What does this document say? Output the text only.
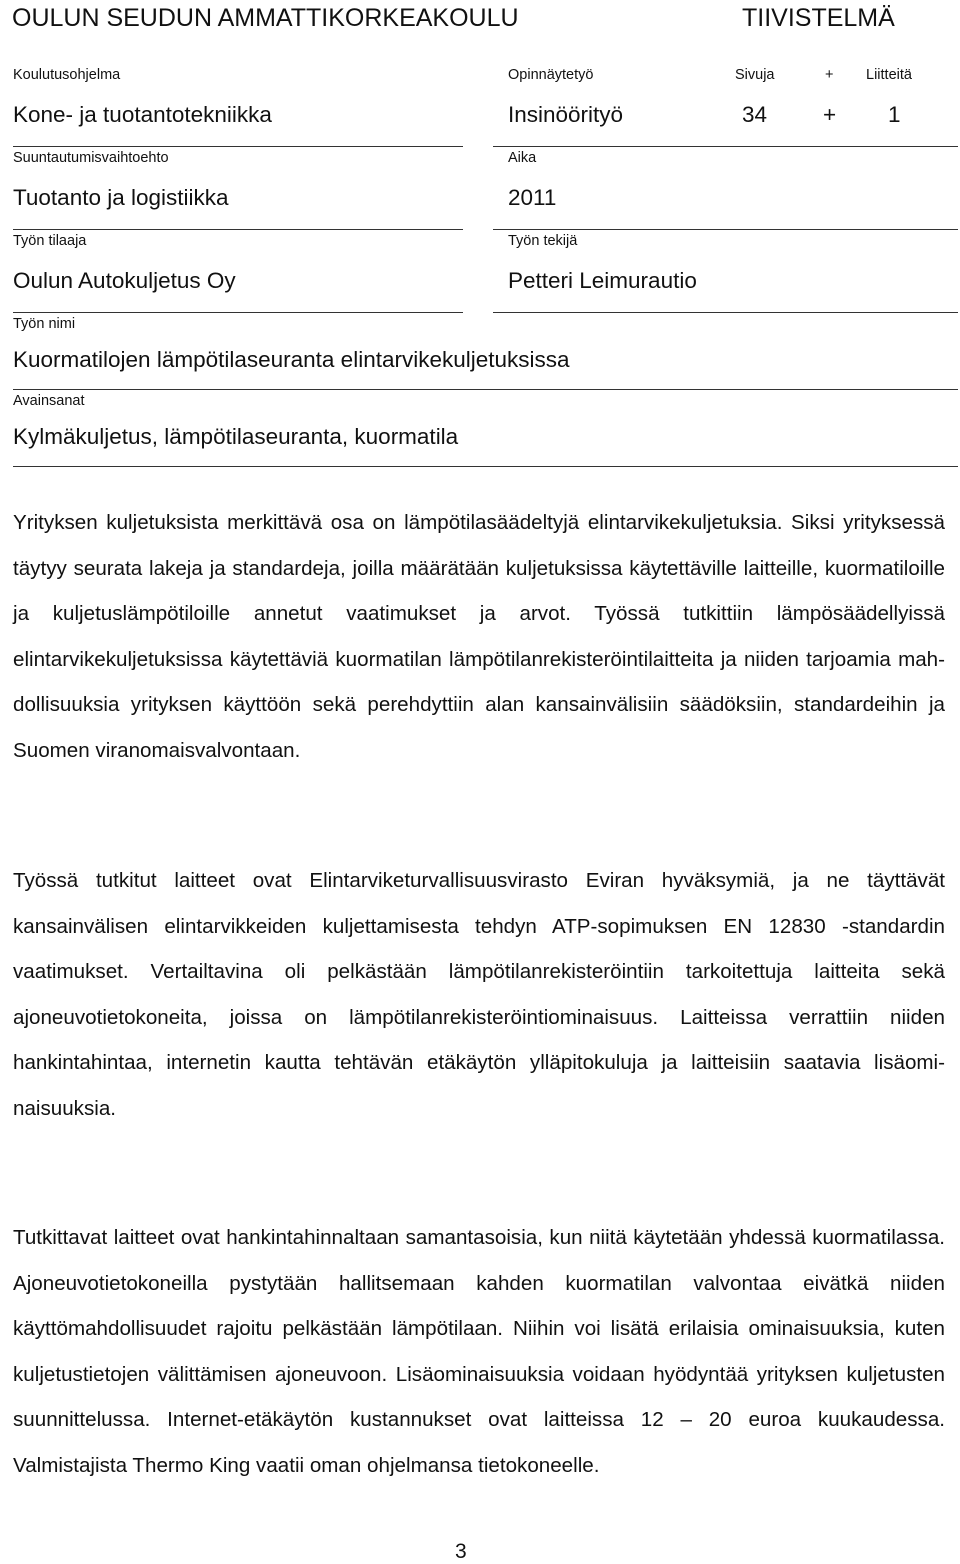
OULUN SEUDUN AMMATTIKORKEAKOULU	TIIVISTELMÄ
Koulutusohjelma	Opinnäytetyö	Sivuja	+ Liitteitä
Kone- ja tuotantotekniikka	Insinöörityö	34 + 1
Suuntautumisvaihtoehto	Aika
Tuotanto ja logistiikka	2011
Työn tilaaja	Työn tekijä
Oulun Autokuljetus Oy	Petteri Leimurautio
Työn nimi
Kuormatilojen lämpötilaseuranta elintarvikekuljetuksissa
Avainsanat
Kylmäkuljetus, lämpötilaseuranta, kuormatila

Yrityksen kuljetuksista merkittävä osa on lämpötilasäädeltyjä elintarvikekuljetuksia. Siksi yrityksessä täytyy seurata lakeja ja standardeja, joilla määrätään kuljetuksissa käytettäville laitteille, kuormatiloille ja kuljetuslämpötiloille annetut vaatimukset ja arvot. Työssä tutkittiin lämpösäädellyissä elintarvikekuljetuksissa käytettäviä kuormatilan lämpötilanrekisteröintilaitteita ja niiden tarjoamia mahdollisuuksia yrityksen käyttöön sekä perehdyttiin alan kansainvälisiin säädöksiin, standardeihin ja Suomen viranomaisvalvontaan.

Työssä tutkitut laitteet ovat Elintarviketurvallisuusvirasto Eviran hyväksymiä, ja ne täyttävät kansainvälisen elintarvikkeiden kuljettamisesta tehdyn ATP-sopimuksen EN 12830 -standardin vaatimukset. Vertailtavina oli pelkästään lämpötilanrekisteröintiin tarkoitettuja laitteita sekä ajoneuvotietokoneita, joissa on lämpötilanrekisteröintiominaisuus. Laitteissa verrattiin niiden hankintahintaa, internetin kautta tehtävän etäkäytön ylläpitokuluja ja laitteisiin saatavia lisäominaisuuksia.

Tutkittavat laitteet ovat hankintahinnaltaan samantasoisia, kun niitä käytetään yhdessä kuormatilassa. Ajoneuvotietokoneilla pystytään hallitsemaan kahden kuormatilan valvontaa eivätkä niiden käyttömahdollisuudet rajoitu pelkästään lämpötilaan. Niihin voi lisätä erilaisia ominaisuuksia, kuten kuljetustietojen välittämisen ajoneuvoon. Lisäominaisuuksia voidaan hyödyntää yrityksen kuljetusten suunnittelussa. Internet-etäkäytön kustannukset ovat laitteissa 12 – 20 euroa kuukaudessa. Valmistajista Thermo King vaatii oman ohjelmansa tietokoneelle.

3
